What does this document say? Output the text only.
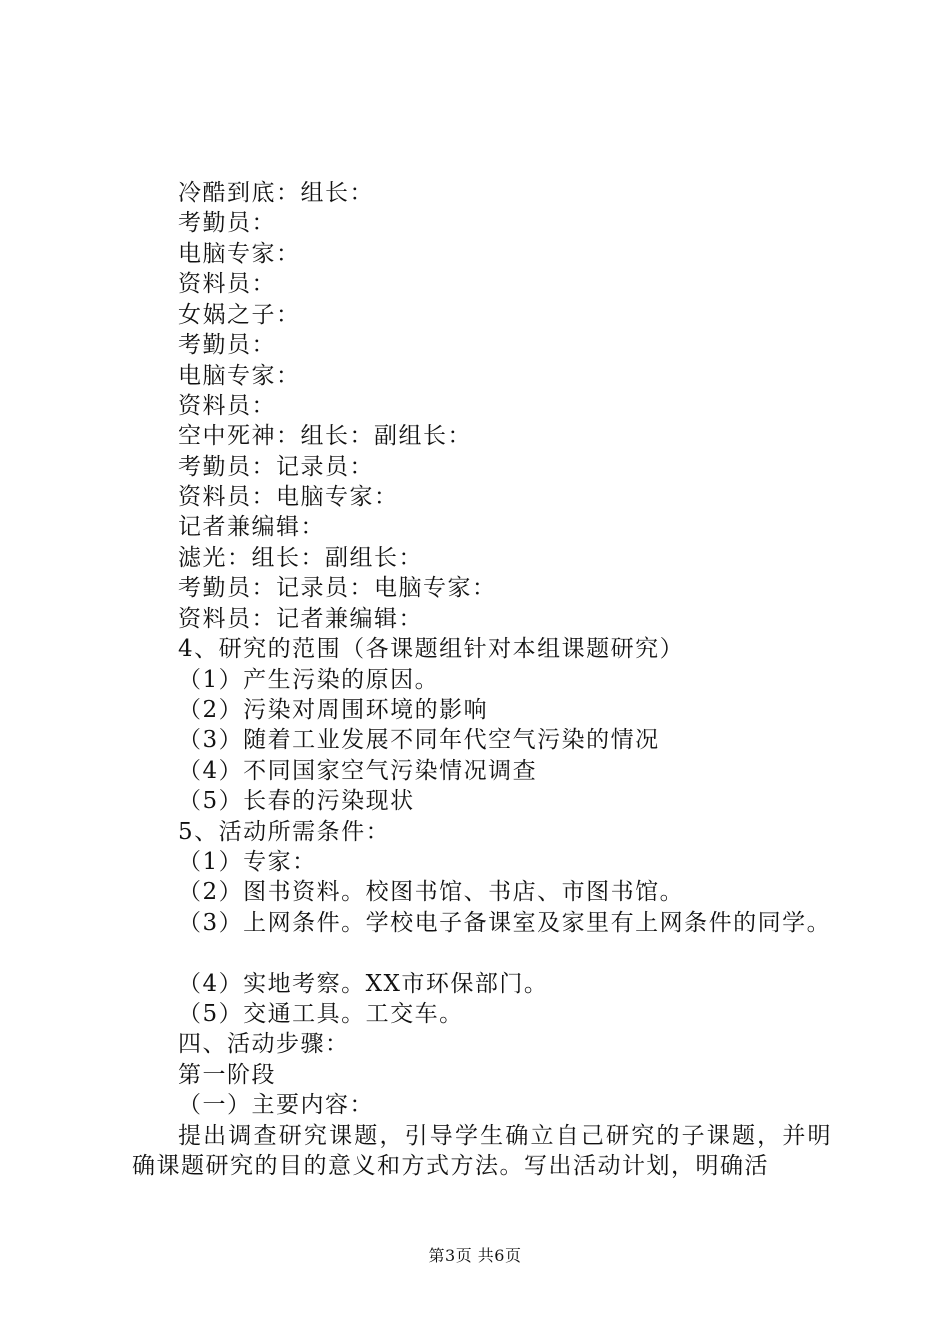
冷酷到底：组长：
考勤员：
电脑专家：
资料员：
女娲之子：
考勤员：
电脑专家：
资料员：
空中死神：组长：副组长：
考勤员：记录员：
资料员：电脑专家：
记者兼编辑：
滤光：组长：副组长：
考勤员：记录员：电脑专家：
资料员：记者兼编辑：
4、研究的范围（各课题组针对本组课题研究）
（1）产生污染的原因。
（2）污染对周围环境的影响
（3）随着工业发展不同年代空气污染的情况
（4）不同国家空气污染情况调查
（5）长春的污染现状
5、活动所需条件：
（1）专家：
（2）图书资料。校图书馆、书店、市图书馆。
（3）上网条件。学校电子备课室及家里有上网条件的同学。
（4）实地考察。XX市环保部门。
（5）交通工具。工交车。
四、活动步骤：
第一阶段
（一）主要内容：
提出调查研究课题，引导学生确立自己研究的子课题，并明确课题研究的目的意义和方式方法。写出活动计划，明确活
第3页 共6页
